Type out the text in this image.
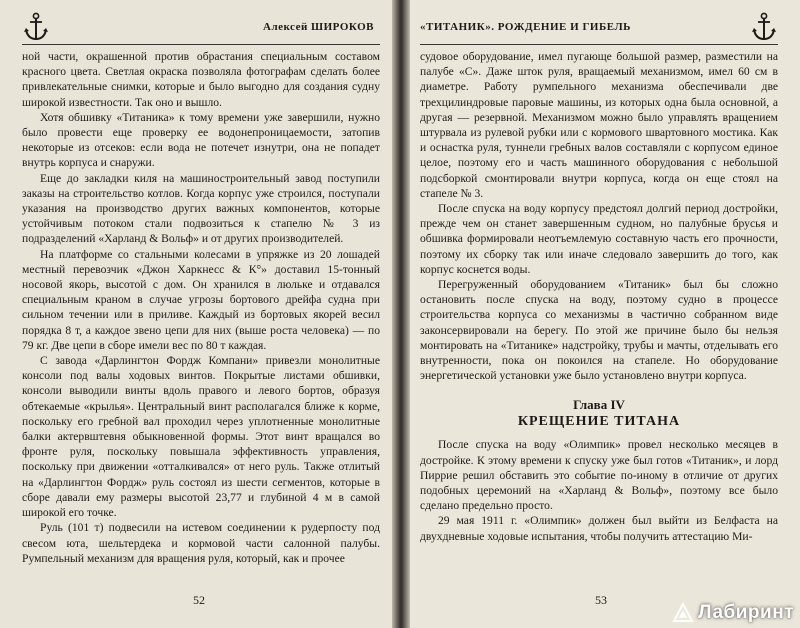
Алексей ШИРОКОВ

ной части, окрашенной против обрастания специальным составом красного цвета. Светлая окраска позволяла фотографам сделать более привлекательные снимки, которые и было выгодно для создания судну широкой известности. Так оно и вышло.

Хотя обшивку «Титаника» к тому времени уже завершили, нужно было провести еще проверку ее водонепроницаемости, затопив некоторые из отсеков: если вода не потечет изнутри, она не попадет внутрь корпуса и снаружи.

Еще до закладки киля на машиностроительный завод поступили заказы на строительство котлов. Когда корпус уже строился, поступали указания на производство других важных компонентов, которые устойчивым потоком стали подвозиться к стапелю № 3 из подразделений «Харланд & Вольф» и от других производителей.

На платформе со стальными колесами в упряжке из 20 лошадей местный перевозчик «Джон Харкнесс & К°» доставил 15-тонный носовой якорь, высотой с дом. Он хранился в люльке и отдавался специальным краном в случае угрозы бортового дрейфа судна при сильном течении или в приливе. Каждый из бортовых якорей весил порядка 8 т, а каждое звено цепи для них (выше роста человека) — по 79 кг. Две цепи в сборе имели вес по 80 т каждая.

С завода «Дарлингтон Фордж Компани» привезли монолитные консоли под валы ходовых винтов. Покрытые листами обшивки, консоли выводили винты вдоль правого и левого бортов, образуя обтекаемые «крылья». Центральный винт располагался ближе к корме, поскольку его гребной вал проходил через уплотненные монолитные балки актервштевня обыкновенной формы. Этот винт вращался во фронте руля, поскольку повышала эффективность управления, поскольку при движении «отталкивался» от него руль. Также отлитый на «Дарлингтон Фордж» руль состоял из шести сегментов, которые в сборе давали ему размеры высотой 23,77 и глубиной 4 м в самой широкой его точке.

Руль (101 т) подвесили на истевом соединении к рудерпосту под свесом юта, шельтердека и кормовой части салонной палубы. Румпельный механизм для вращения руля, который, как и прочее

52
«ТИТАНИК». РОЖДЕНИЕ И ГИБЕЛЬ

судовое оборудование, имел пугающе большой размер, разместили на палубе «С». Даже шток руля, вращаемый механизмом, имел 60 см в диаметре. Работу румпельного механизма обеспечивали две трехцилиндровые паровые машины, из которых одна была основной, а другая — резервной. Механизмом можно было управлять вращением штурвала из рулевой рубки или с кормового швартовного мостика. Как и оснастка руля, туннели гребных валов составляли с корпусом единое целое, поэтому его и часть машинного оборудования с небольшой подсборкой смонтировали внутри корпуса, когда он еще стоял на стапеле № 3.

После спуска на воду корпусу предстоял долгий период достройки, прежде чем он станет завершенным судном, но палубные брусья и обшивка формировали неотъемлемую составную часть его прочности, поэтому их сборку так или иначе следовало завершить до того, как корпус коснется воды.

Перегруженный оборудованием «Титаник» был бы сложно остановить после спуска на воду, поэтому судно в процессе строительства корпуса со механизмы в частично собранном виде законсервировали на берегу. По этой же причине было бы нельзя монтировать на «Титанике» надстройку, трубы и мачты, отделывать его внутренности, пока он покоился на стапеле. Но оборудование энергетической установки уже было установлено внутри корпуса.

Глава IV
КРЕЩЕНИЕ ТИТАНА

После спуска на воду «Олимпик» провел несколько месяцев в достройке. К этому времени к спуску уже был готов «Титаник», и лорд Пиррие решил обставить это событие по-иному в отличие от других подобных церемоний на «Харланд & Вольф», поэтому все было сделано предельно просто.

29 мая 1911 г. «Олимпик» должен был выйти из Белфаста на двухдневные ходовые испытания, чтобы получить аттестацию Ми-

53
Лабиринт
